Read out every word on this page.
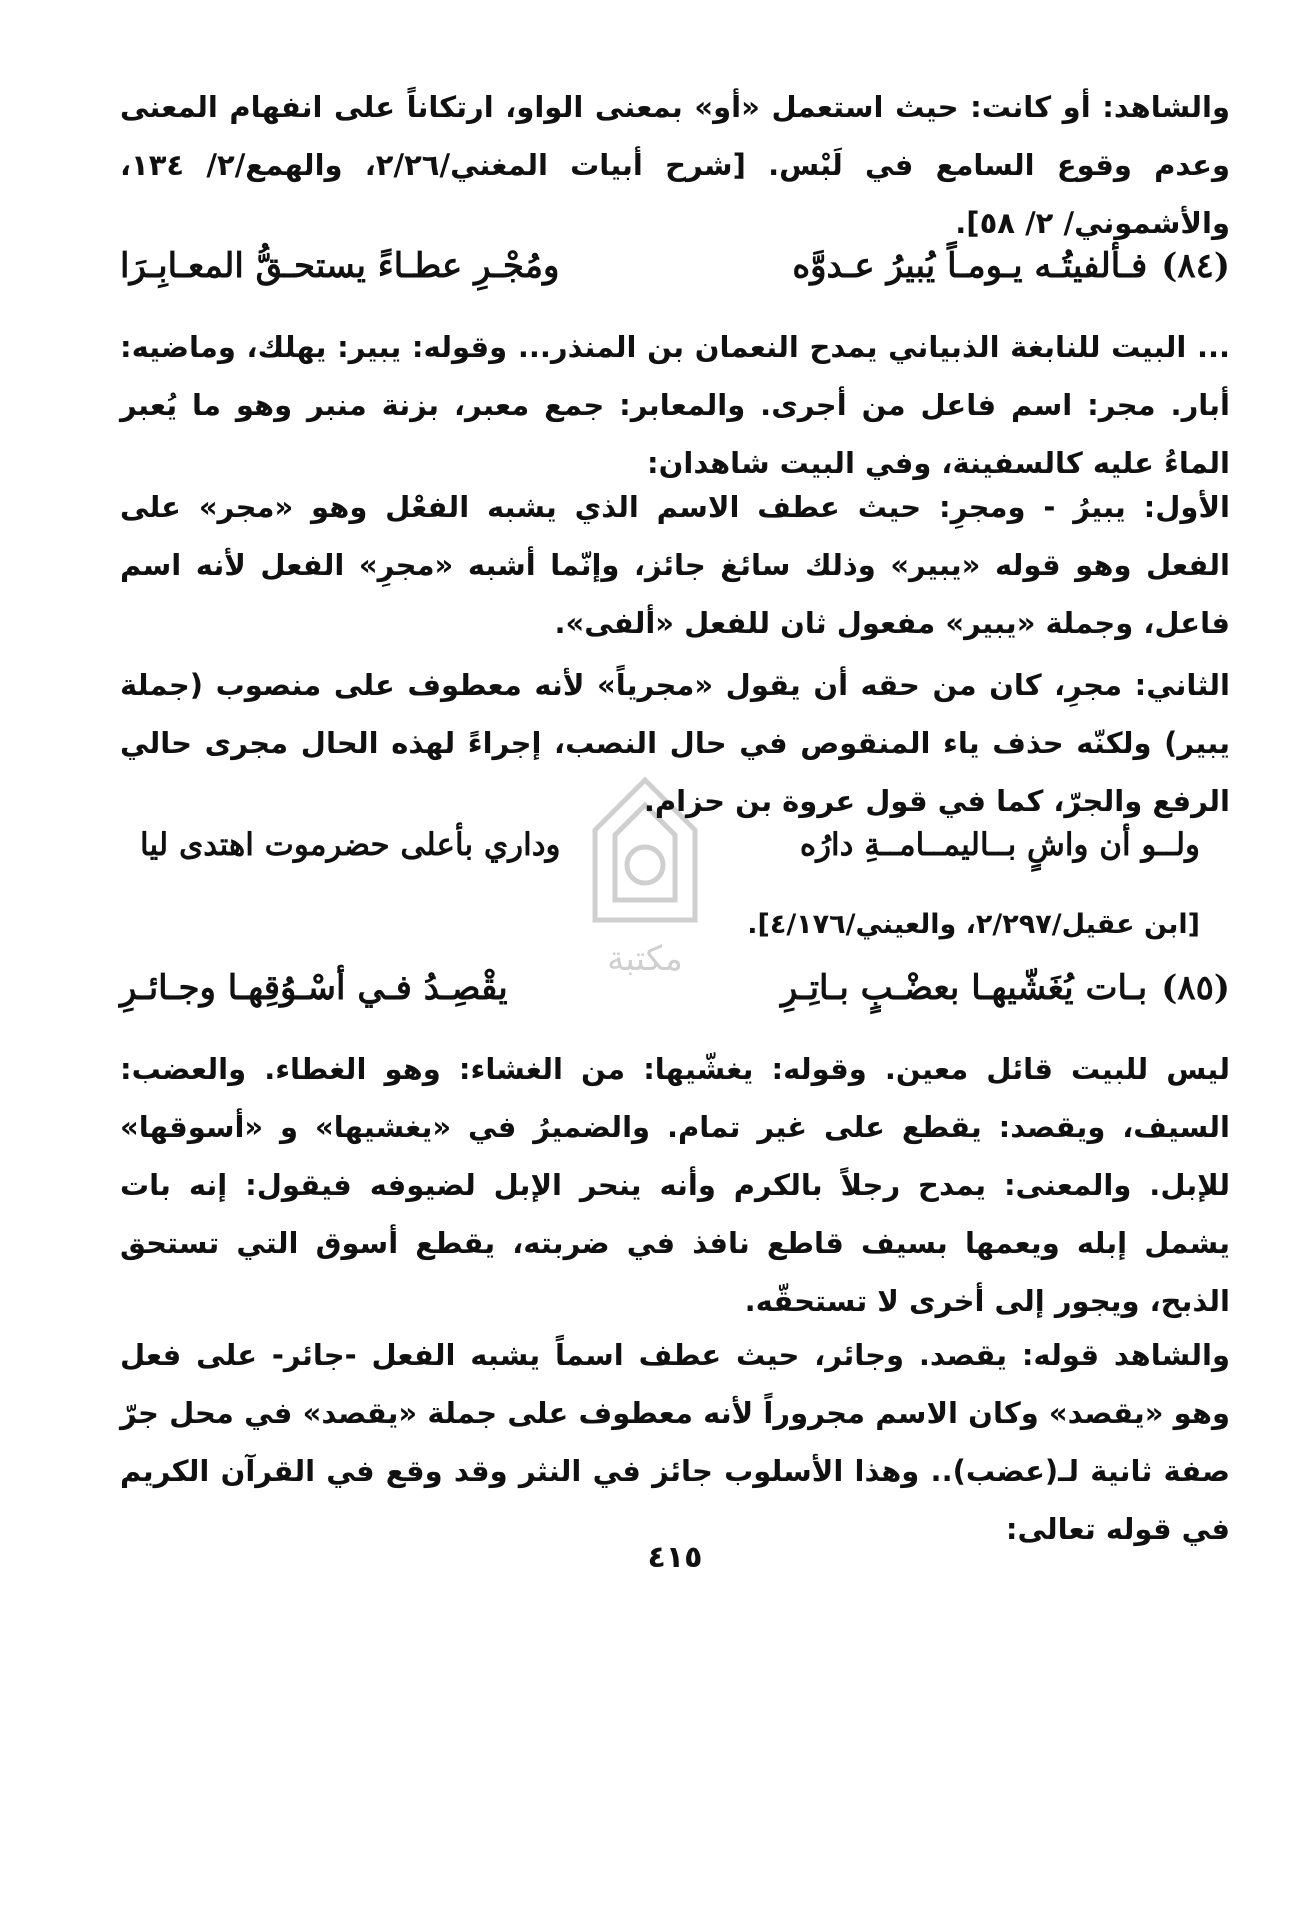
مكتبة

والشاهد: أو كانت: حيث استعمل «أو» بمعنى الواو، ارتكاناً على انفهام المعنى وعدم وقوع السامع في لَبْس. [شرح أبيات المغني/٢/٢٦، والهمع/٢/ ١٣٤، والأشموني/ ٢/ ٥٨].

(٨٤)
فـألفيتُـه يـومـاً يُبيرُ عـدوَّه
ومُجْـرِ عطـاءً يستحـقُّ المعـابِـرَا

... البيت للنابغة الذبياني يمدح النعمان بن المنذر... وقوله: يبير: يهلك، وماضيه: أبار. مجر: اسم فاعل من أجرى. والمعابر: جمع معبر، بزنة منبر وهو ما يُعبر الماءُ عليه كالسفينة، وفي البيت شاهدان:

الأول: يبيرُ - ومجرِ: حيث عطف الاسم الذي يشبه الفعْل وهو «مجر» على الفعل وهو قوله «يبير» وذلك سائغ جائز، وإنّما أشبه «مجرِ» الفعل لأنه اسم فاعل، وجملة «يبير» مفعول ثان للفعل «ألفى».

الثاني: مجرِ، كان من حقه أن يقول «مجرياً» لأنه معطوف على منصوب (جملة يبير) ولكنّه حذف ياء المنقوص في حال النصب، إجراءً لهذه الحال مجرى حالي الرفع والجرّ، كما في قول عروة بن حزام.

ولــو أن واشٍ بــاليمــامــةِ دارُه
وداري بأعلى حضرموت اهتدى ليا
[ابن عقيل/٢/٢٩٧، والعيني/٤/١٧٦].
(٨٥)
بـات يُغَشّيهـا بعضْـبٍ بـاتِـرِ
يقْصِـدُ فـي أسْـوُقِهـا وجـائـرِ

ليس للبيت قائل معين. وقوله: يغشّيها: من الغشاء: وهو الغطاء. والعضب: السيف، ويقصد: يقطع على غير تمام. والضميرُ في «يغشيها» و «أسوقها» للإبل. والمعنى: يمدح رجلاً بالكرم وأنه ينحر الإبل لضيوفه فيقول: إنه بات يشمل إبله ويعمها بسيف قاطع نافذ في ضربته، يقطع أسوق التي تستحق الذبح، ويجور إلى أخرى لا تستحقّه.

والشاهد قوله: يقصد. وجائر، حيث عطف اسماً يشبه الفعل -جائر- على فعل وهو «يقصد» وكان الاسم مجروراً لأنه معطوف على جملة «يقصد» في محل جرّ صفة ثانية لـ(عضب).. وهذا الأسلوب جائز في النثر وقد وقع في القرآن الكريم في قوله تعالى:

٤١٥
